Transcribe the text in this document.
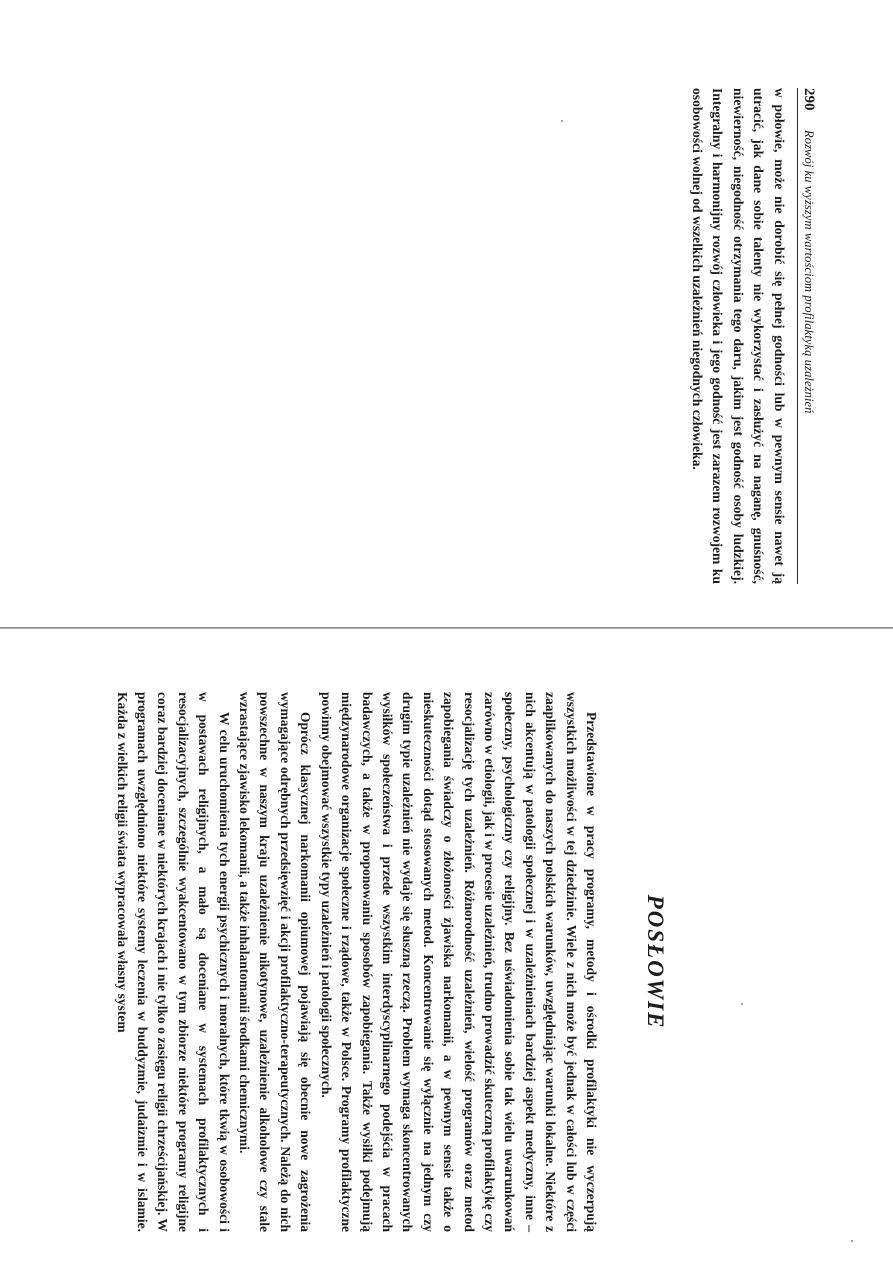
290
Rozwój ku wyższym wartościom profilaktyką uzależnień

w połowie, może nie dorobić się pełnej godności lub w pewnym sensie nawet ją utracić, jak dane sobie talenty nie wykorzystać i zasłużyć na naganę, gnuśność, niewierność, niegodność otrzymania tego daru, jakim jest godność osoby ludzkiej. Integralny i harmonijny rozwój człowieka i jego godność jest zarazem rozwojem ku osobowości wolnej od wszelkich uzależnień niegodnych człowieka.

POSŁOWIE

Przedstawione w pracy programy, metody i ośrodki profilaktyki nie wyczerpują wszystkich możliwości w tej dziedzinie. Wiele z nich może być jednak w całości lub w części zaaplikowanych do naszych polskich warunków, uwzględniając warunki lokalne. Niektóre z nich akcentują w patologii społecznej i w uzależnieniach bardziej aspekt medyczny, inne – społeczny, psychologiczny czy religijny. Bez uświadomienia sobie tak wielu uwarunkowań zarówno w etiologii, jak i w procesie uzależnień, trudno prowadzić skuteczną profilaktykę czy resocjalizację tych uzależnień. Różnorodność uzależnień, wielość programów oraz metod zapobiegania świadczy o złożoności zjawiska narkomanii, a w pewnym sensie także o nieskuteczności dotąd stosowanych metod. Koncentrowanie się wyłącznie na jednym czy drugim typie uzależnień nie wydaje się słuszną rzeczą. Problem wymaga skoncentrowanych wysiłków społeczeństwa i przede wszystkim interdyscyplinarnego podejścia w pracach badawczych, a także w proponowaniu sposobów zapobiegania. Także wysiłki podejmują międzynarodowe organizacje społeczne i rządowe, także w Polsce. Programy profilaktyczne powinny obejmować wszystkie typy uzależnień i patologii społecznych.

Oprócz klasycznej narkomanii opiumowej pojawiają się obecnie nowe zagrożenia wymagające odrębnych przedsięwzięć i akcji profilaktyczno-terapeutycznych. Należą do nich powszechne w naszym kraju uzależnienie nikotynowe, uzależnienie alkoholowe czy stale wzrastające zjawisko lekomanii, a także inhalantomanii środkami chemicznymi.

W celu uruchomienia tych energii psychicznych i moralnych, które tkwią w osobowości i w postawach religijnych, a mało są doceniane w systemach profilaktycznych i resocjalizacyjnych, szczególnie wyakcentowano w tym zbiorze niektóre programy religijne coraz bardziej doceniane w niektórych krajach i nie tylko o zasięgu religii chrześcijańskiej. W programach uwzględniono niektóre systemy leczenia w buddyzmie, judaizmie i w islamie. Każda z wielkich religii świata wypracowała własny system
